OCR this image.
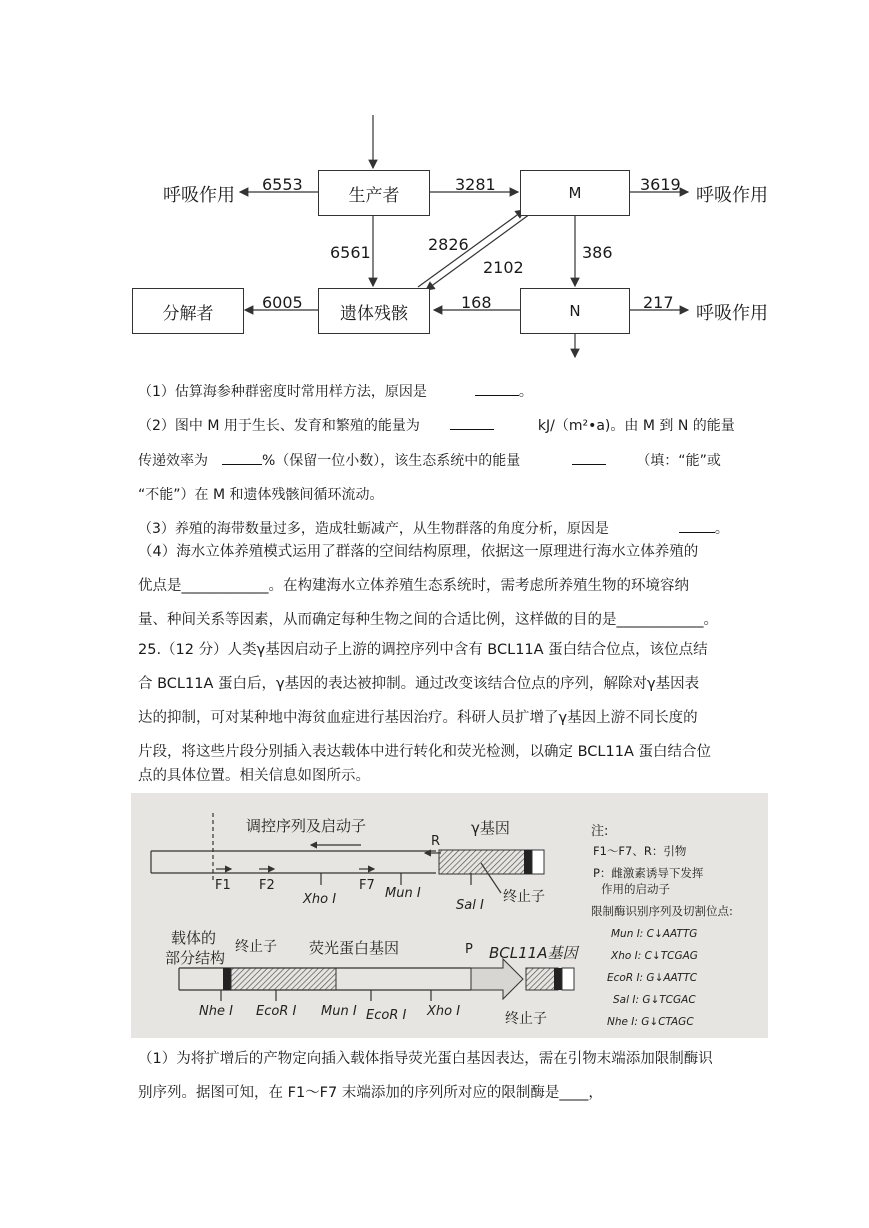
生产者	M
遗体残骸	N
分解者
呼吸作用	呼吸作用
呼吸作用
6553	3281	3619
6561	2826
2102
386
6005	168	217
（1）估算海参种群密度时常用样方法，原因是	。
（2）图中 M 用于生长、发育和繁殖的能量为	kJ/（m²•a)。由 M 到 N 的能量
传递效率为	%（保留一位小数），该生态系统中的能量	（填：“能”或
“不能”）在 M 和遗体残骸间循环流动。
（3）养殖的海带数量过多，造成牡蛎减产，从生物群落的角度分析，原因是	。
（4）海水立体养殖模式运用了群落的空间结构原理，依据这一原理进行海水立体养殖的
优点是____________。在构建海水立体养殖生态系统时，需考虑所养殖生物的环境容纳
量、种间关系等因素，从而确定每种生物之间的合适比例，这样做的目的是____________。
25.（12 分）人类γ基因启动子上游的调控序列中含有 BCL11A 蛋白结合位点，该位点结
合 BCL11A 蛋白后，γ基因的表达被抑制。通过改变该结合位点的序列，解除对γ基因表
达的抑制，可对某种地中海贫血症进行基因治疗。科研人员扩增了γ基因上游不同长度的
片段，将这些片段分别插入表达载体中进行转化和荧光检测，以确定 BCL11A 蛋白结合位
点的具体位置。相关信息如图所示。
调控序列及启动子	γ基因
R
F1 F2	F7
Xho I	Mun I
Sal I
终止子
载体的
部分结构
终止子 荧光蛋白基因	P BCL11A基因
Nhe I EcoR I Mun I EcoR I Xho I	终止子
注:
F1～F7、R：引物
P：雌激素诱导下发挥
作用的启动子
限制酶识别序列及切割位点:
Mun I: C↓AATTG
Xho I: C↓TCGAG
EcoR I: G↓AATTC
Sal I: G↓TCGAC
Nhe I: G↓CTAGC
（1）为将扩增后的产物定向插入载体指导荧光蛋白基因表达，需在引物末端添加限制酶识
别序列。据图可知，在 F1～F7 末端添加的序列所对应的限制酶是____，
